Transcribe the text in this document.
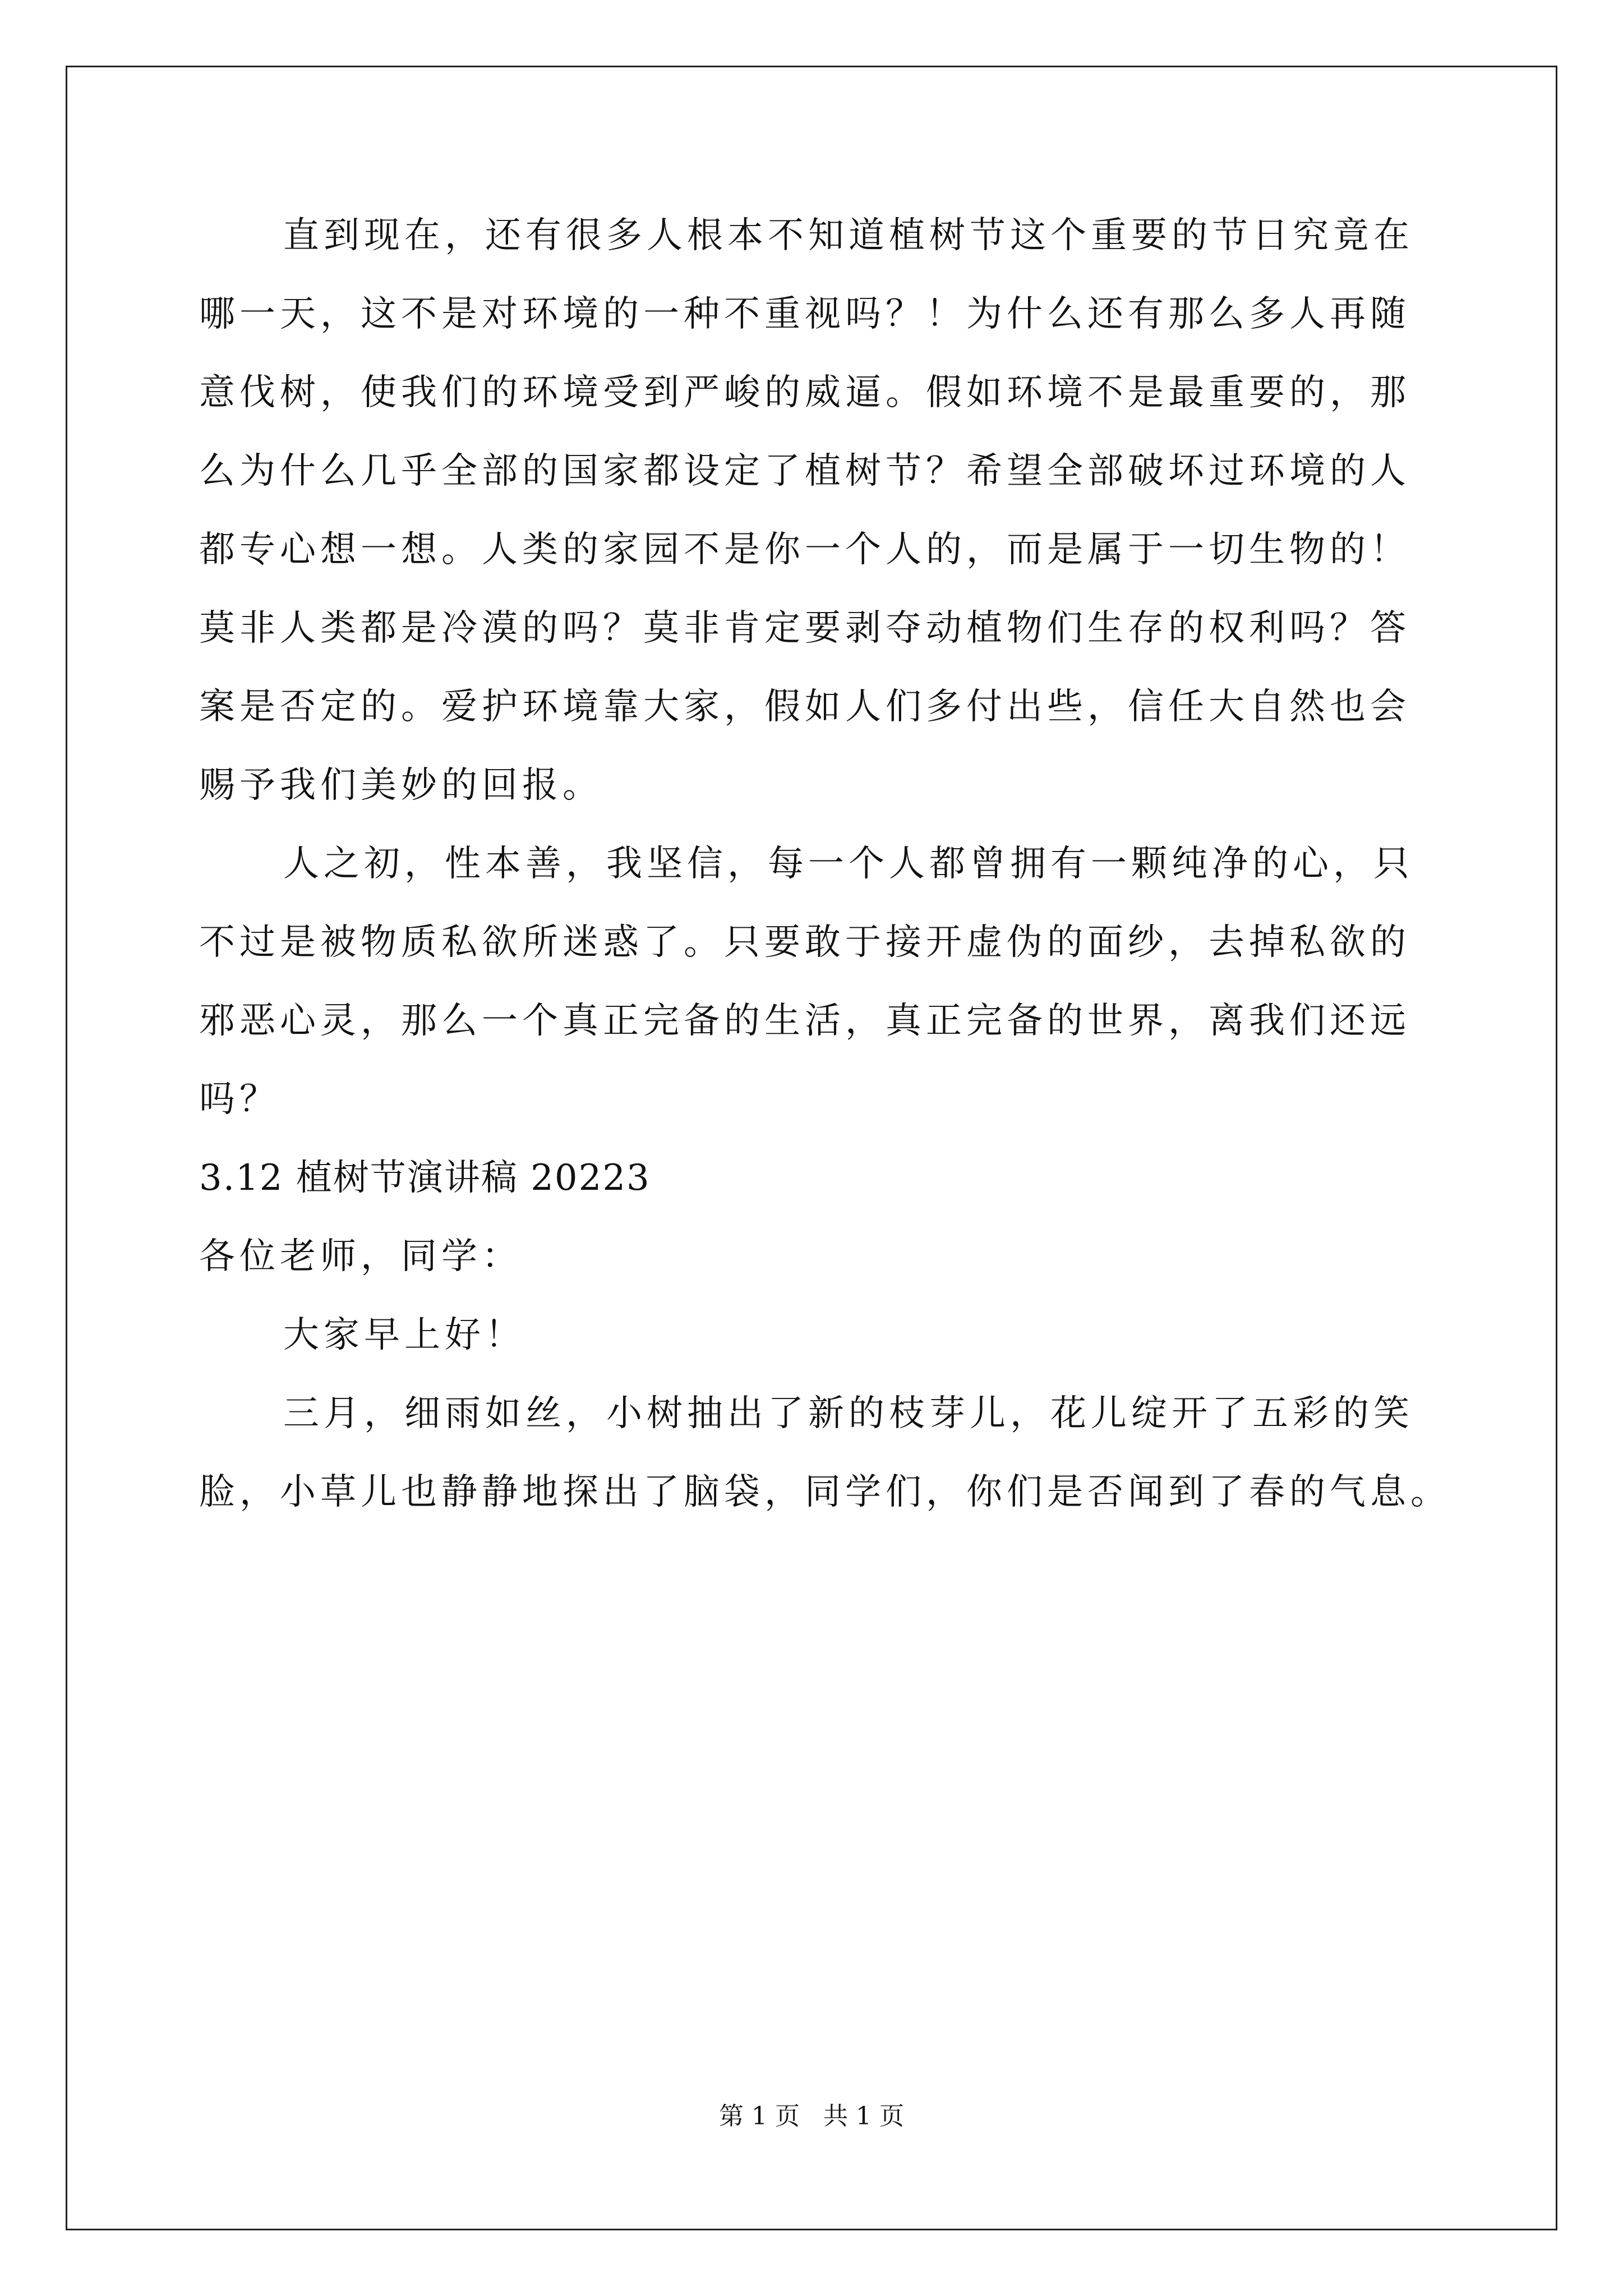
直到现在，还有很多人根本不知道植树节这个重要的节日究竟在
哪一天，这不是对环境的一种不重视吗？！为什么还有那么多人再随
意伐树，使我们的环境受到严峻的威逼。假如环境不是最重要的，那
么为什么几乎全部的国家都设定了植树节？希望全部破坏过环境的人
都专心想一想。人类的家园不是你一个人的，而是属于一切生物的！
莫非人类都是冷漠的吗？莫非肯定要剥夺动植物们生存的权利吗？答
案是否定的。爱护环境靠大家，假如人们多付出些，信任大自然也会
赐予我们美妙的回报。
人之初，性本善，我坚信，每一个人都曾拥有一颗纯净的心，只
不过是被物质私欲所迷惑了。只要敢于接开虚伪的面纱，去掉私欲的
邪恶心灵，那么一个真正完备的生活，真正完备的世界，离我们还远
吗？
3.12 植树节演讲稿 20223
各位老师，同学：
大家早上好！
三月，细雨如丝，小树抽出了新的枝芽儿，花儿绽开了五彩的笑
脸，小草儿也静静地探出了脑袋，同学们，你们是否闻到了春的气息。
第 1 页   共 1 页
